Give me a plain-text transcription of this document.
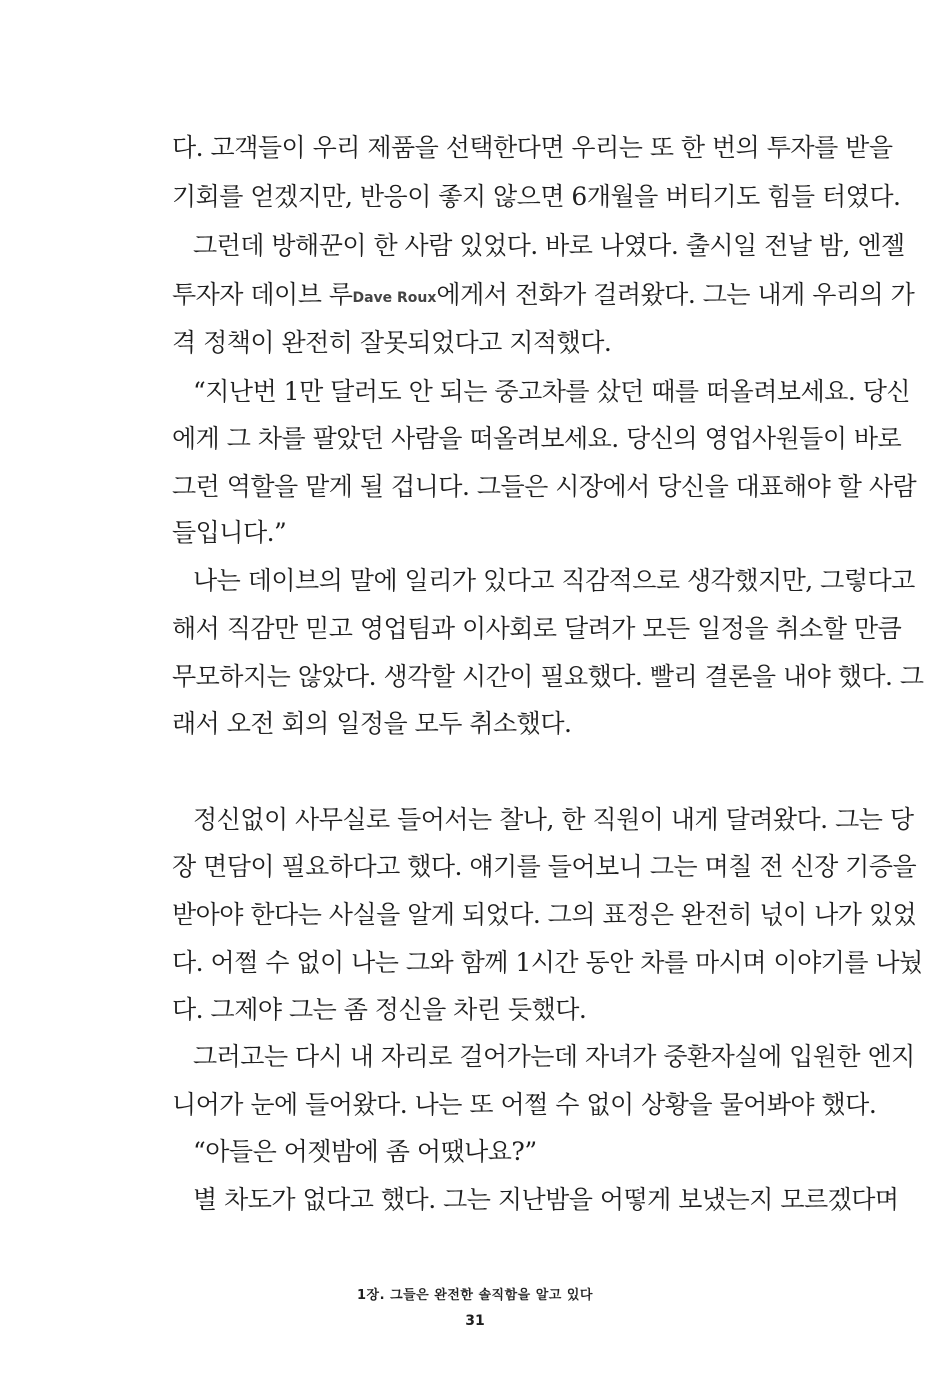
다. 고객들이 우리 제품을 선택한다면 우리는 또 한 번의 투자를 받을
기회를 얻겠지만, 반응이 좋지 않으면 6개월을 버티기도 힘들 터였다.
그런데 방해꾼이 한 사람 있었다. 바로 나였다. 출시일 전날 밤, 엔젤
투자자 데이브 루Dave Roux에게서 전화가 걸려왔다. 그는 내게 우리의 가
격 정책이 완전히 잘못되었다고 지적했다.
“지난번 1만 달러도 안 되는 중고차를 샀던 때를 떠올려보세요. 당신
에게 그 차를 팔았던 사람을 떠올려보세요. 당신의 영업사원들이 바로
그런 역할을 맡게 될 겁니다. 그들은 시장에서 당신을 대표해야 할 사람
들입니다.”
나는 데이브의 말에 일리가 있다고 직감적으로 생각했지만, 그렇다고
해서 직감만 믿고 영업팀과 이사회로 달려가 모든 일정을 취소할 만큼
무모하지는 않았다. 생각할 시간이 필요했다. 빨리 결론을 내야 했다. 그
래서 오전 회의 일정을 모두 취소했다.
정신없이 사무실로 들어서는 찰나, 한 직원이 내게 달려왔다. 그는 당
장 면담이 필요하다고 했다. 얘기를 들어보니 그는 며칠 전 신장 기증을
받아야 한다는 사실을 알게 되었다. 그의 표정은 완전히 넋이 나가 있었
다. 어쩔 수 없이 나는 그와 함께 1시간 동안 차를 마시며 이야기를 나눴
다. 그제야 그는 좀 정신을 차린 듯했다.
그러고는 다시 내 자리로 걸어가는데 자녀가 중환자실에 입원한 엔지
니어가 눈에 들어왔다. 나는 또 어쩔 수 없이 상황을 물어봐야 했다.
“아들은 어젯밤에 좀 어땠나요?”
별 차도가 없다고 했다. 그는 지난밤을 어떻게 보냈는지 모르겠다며
1장. 그들은 완전한 솔직함을 알고 있다
31
